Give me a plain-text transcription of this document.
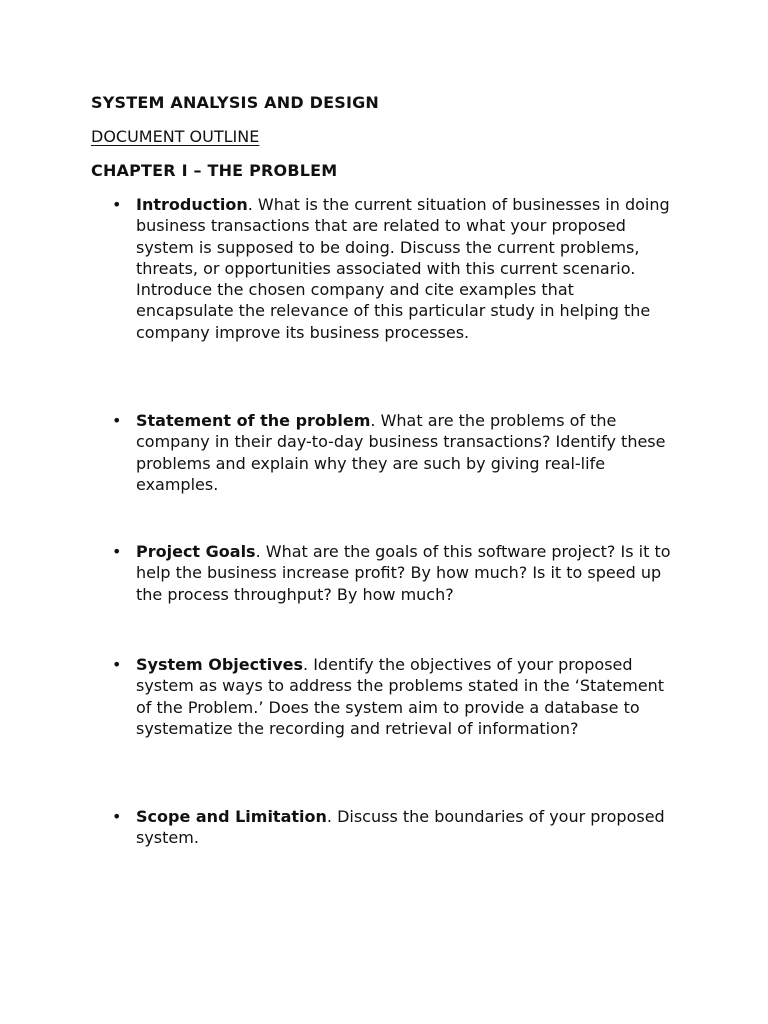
SYSTEM ANALYSIS AND DESIGN
DOCUMENT OUTLINE
CHAPTER I – THE PROBLEM
• Introduction. What is the current situation of businesses in doing business transactions that are related to what your proposed system is supposed to be doing. Discuss the current problems, threats, or opportunities associated with this current scenario. Introduce the chosen company and cite examples that encapsulate the relevance of this particular study in helping the company improve its business processes.
• Statement of the problem. What are the problems of the company in their day-to-day business transactions? Identify these problems and explain why they are such by giving real-life examples.
• Project Goals. What are the goals of this software project? Is it to help the business increase profit? By how much? Is it to speed up the process throughput? By how much?
• System Objectives. Identify the objectives of your proposed system as ways to address the problems stated in the ‘Statement of the Problem.’ Does the system aim to provide a database to systematize the recording and retrieval of information?
• Scope and Limitation. Discuss the boundaries of your proposed system.
